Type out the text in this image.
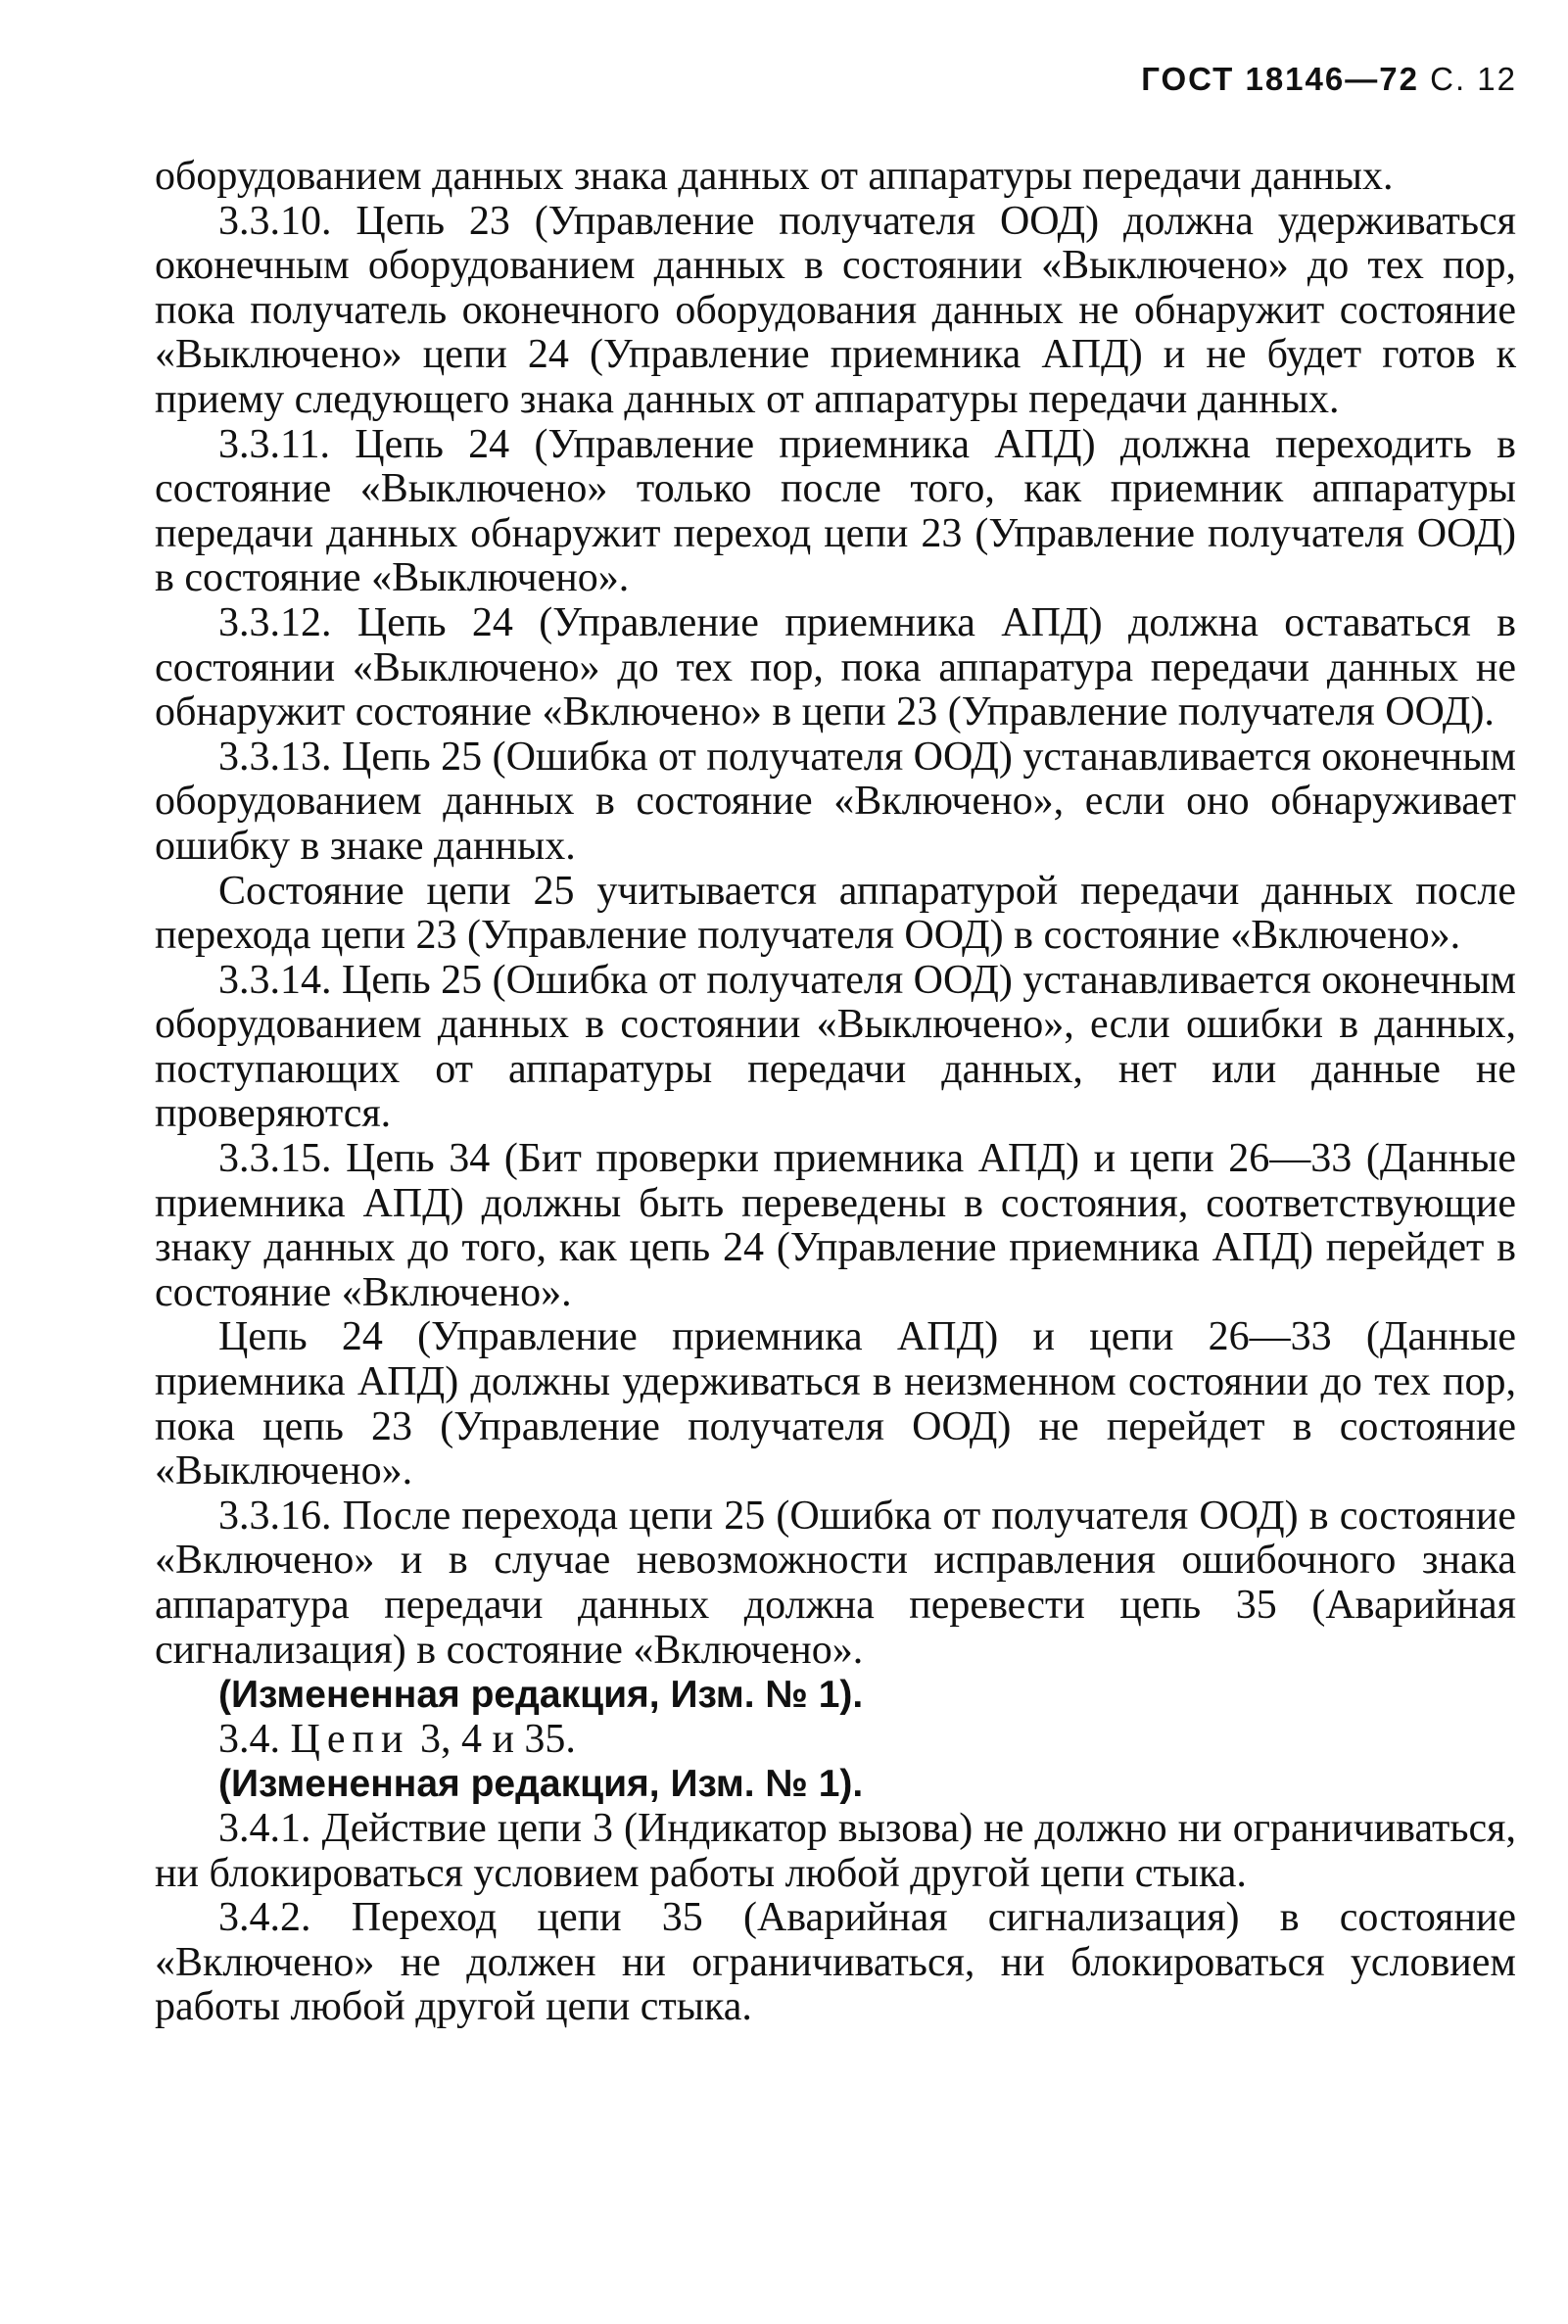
ГОСТ 18146—72 С. 12

оборудованием данных знака данных от аппаратуры передачи данных.

3.3.10. Цепь 23 (Управление получателя ООД) должна удерживаться оконечным оборудованием данных в состоянии «Выключено» до тех пор, пока получатель оконечного оборудования данных не обнаружит состояние «Выключено» цепи 24 (Управление приемника АПД) и не будет готов к приему следующего знака данных от аппаратуры передачи данных.

3.3.11. Цепь 24 (Управление приемника АПД) должна переходить в состояние «Выключено» только после того, как приемник аппаратуры передачи данных обнаружит переход цепи 23 (Управление получателя ООД) в состояние «Выключено».

3.3.12. Цепь 24 (Управление приемника АПД) должна оставаться в состоянии «Выключено» до тех пор, пока аппаратура передачи данных не обнаружит состояние «Включено» в цепи 23 (Управление получателя ООД).

3.3.13. Цепь 25 (Ошибка от получателя ООД) устанавливается оконечным оборудованием данных в состояние «Включено», если оно обнаруживает ошибку в знаке данных.

Состояние цепи 25 учитывается аппаратурой передачи данных после перехода цепи 23 (Управление получателя ООД) в состояние «Включено».

3.3.14. Цепь 25 (Ошибка от получателя ООД) устанавливается оконечным оборудованием данных в состоянии «Выключено», если ошибки в данных, поступающих от аппаратуры передачи данных, нет или данные не проверяются.

3.3.15. Цепь 34 (Бит проверки приемника АПД) и цепи 26—33 (Данные приемника АПД) должны быть переведены в состояния, соответствующие знаку данных до того, как цепь 24 (Управление приемника АПД) перейдет в состояние «Включено».

Цепь 24 (Управление приемника АПД) и цепи 26—33 (Данные приемника АПД) должны удерживаться в неизменном состоянии до тех пор, пока цепь 23 (Управление получателя ООД) не перейдет в состояние «Выключено».

3.3.16. После перехода цепи 25 (Ошибка от получателя ООД) в состояние «Включено» и в случае невозможности исправления ошибочного знака аппаратура передачи данных должна перевести цепь 35 (Аварийная сигнализация) в состояние «Включено».

(Измененная редакция, Изм. № 1).

3.4. Цепи 3, 4 и 35.

(Измененная редакция, Изм. № 1).

3.4.1. Действие цепи 3 (Индикатор вызова) не должно ни ограничиваться, ни блокироваться условием работы любой другой цепи стыка.

3.4.2. Переход цепи 35 (Аварийная сигнализация) в состояние «Включено» не должен ни ограничиваться, ни блокироваться условием работы любой другой цепи стыка.
